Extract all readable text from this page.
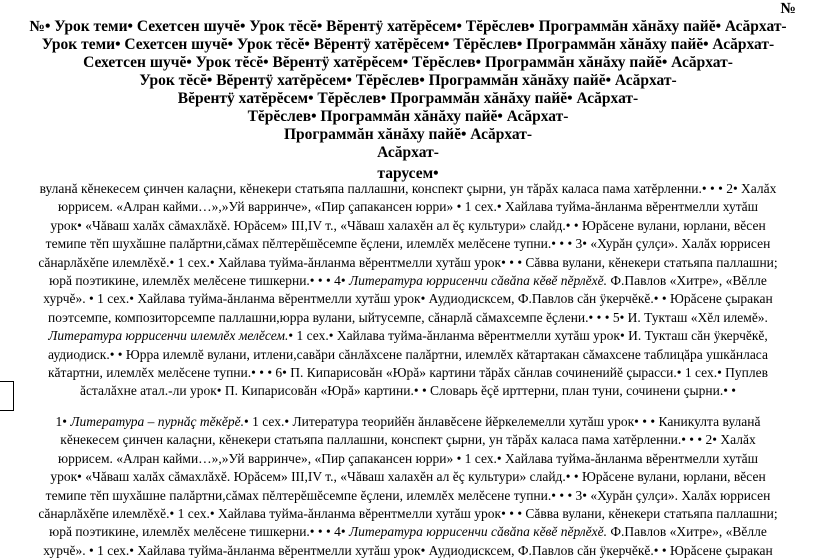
№
№• Урок теми• Сехетсен шучĕ• Урок тĕсĕ• Вĕрентÿ хатĕрĕсем• Тĕрĕслев• Программăн хăнăху пайĕ• Асăрхат-
Урок теми• Сехетсен шучĕ• Урок тĕсĕ• Вĕрентÿ хатĕрĕсем• Тĕрĕслев• Программăн хăнăху пайĕ• Асăрхат-
Сехетсен шучĕ• Урок тĕсĕ• Вĕрентÿ хатĕрĕсем• Тĕрĕслев• Программăн хăнăху пайĕ• Асăрхат-
Урок тĕсĕ• Вĕрентÿ хатĕрĕсем• Тĕрĕслев• Программăн хăнăху пайĕ• Асăрхат-
Вĕрентÿ хатĕрĕсем• Тĕрĕслев• Программăн хăнăху пайĕ• Асăрхат-
Тĕрĕслев• Программăн хăнăху пайĕ• Асăрхат-
Программăн хăнăху пайĕ• Асăрхат-
Асăрхат-
тарусем•
вуланă кĕнекесем çинчен калаçни, кĕнекери статьяпа паллашни, конспект çырни, ун тăрăх каласа пама хатĕрленни.• • • 2• Халăх
юррисем. «Алран кайми…»,»Уй варринче», «Пир çапакансен юрри» • 1 сех.• Хайлава туйма-ăнланма вĕрентмелли хутăш
урок• «Чăваш халăх сăмахлăхĕ. Юрăсем» III,IV т., «Чăваш халахĕн ал ĕç культури» слайд.• • Юрăсене вулани, юрлани, вĕсен
темипе тĕп шухăшне палăртни,сăмах пĕлтерĕшĕсемпе ĕçлени, илемлĕх мелĕсене тупни.• • • 3• «Хурăн çулçи». Халăх юррисен
сăнарлăхĕпе илемлĕхĕ.• 1 сех.• Хайлава туйма-ăнланма вĕрентмелли хутăш урок• • • Сăвва вулани, кĕнекери статьяпа паллашни;
юрă поэтикине, илемлĕх мелĕсене тишкерни.• • • 4• Литература юррисенчи сăвăпа кĕвĕ пĕрлĕхĕ. Ф.Павлов «Хитре», «Вĕлле
хурчĕ». • 1 сех.• Хайлава туйма-ăнланма вĕрентмелли хутăш урок• Аудиодисксем, Ф.Павлов сăн ÿкерчĕкĕ.• • Юрăсене çыракан
поэтсемпе, композиторсемпе паллашни,юрра вулани, ыйтусемпе, сăнарлă сăмахсемпе ĕçлени.• • • 5• И. Тукташ «Хĕл илемĕ».
Литература юррисенчи илемлĕх мелĕсем.• 1 сех.• Хайлава туйма-ăнланма вĕрентмелли хутăш урок• И. Тукташ сăн ÿкерчĕкĕ,
аудиодиск.• • Юрра илемлĕ вулани, итлени,савăри сăнлăхсене палăртни, илемлĕх кăтартакан сăмахсене таблицăра ушкăнласа
кăтартни, илемлĕх мелĕсене тупни.• • • 6• П. Кипарисовăн «Юрă» картини тăрăх сăнлав сочиненийĕ çырасси.• 1 сех.• Пуплев
ăсталăхне атал.-ли урок• П. Кипарисовăн «Юрă» картини.• • Словарь ĕçĕ ирттерни, план туни, сочинени çырни.• •
1• Литература – пурнăç тĕкĕрĕ.• 1 сех.• Литература теорийĕн ăнлавĕсене йĕркелемелли хутăш урок• • • Каникулта вуланă
кĕнекесем çинчен калаçни, кĕнекери статьяпа паллашни, конспект çырни, ун тăрăх каласа пама хатĕрленни.• • • 2• Халăх
юррисем. «Алран кайми…»,»Уй варринче», «Пир çапакансен юрри» • 1 сех.• Хайлава туйма-ăнланма вĕрентмелли хутăш
урок• «Чăваш халăх сăмахлăхĕ. Юрăсем» III,IV т., «Чăваш халахĕн ал ĕç культури» слайд.• • Юрăсене вулани, юрлани, вĕсен
темипе тĕп шухăшне палăртни,сăмах пĕлтерĕшĕсемпе ĕçлени, илемлĕх мелĕсене тупни.• • • 3• «Хурăн çулçи». Халăх юррисен
сăнарлăхĕпе илемлĕхĕ.• 1 сех.• Хайлава туйма-ăнланма вĕрентмелли хутăш урок• • • Сăвва вулани, кĕнекери статьяпа паллашни;
юрă поэтикине, илемлĕх мелĕсене тишкерни.• • • 4• Литература юррисенчи сăвăпа кĕвĕ пĕрлĕхĕ. Ф.Павлов «Хитре», «Вĕлле
хурчĕ». • 1 сех.• Хайлава туйма-ăнланма вĕрентмелли хутăш урок• Аудиодисксем, Ф.Павлов сăн ÿкерчĕкĕ.• • Юрăсене çыракан
